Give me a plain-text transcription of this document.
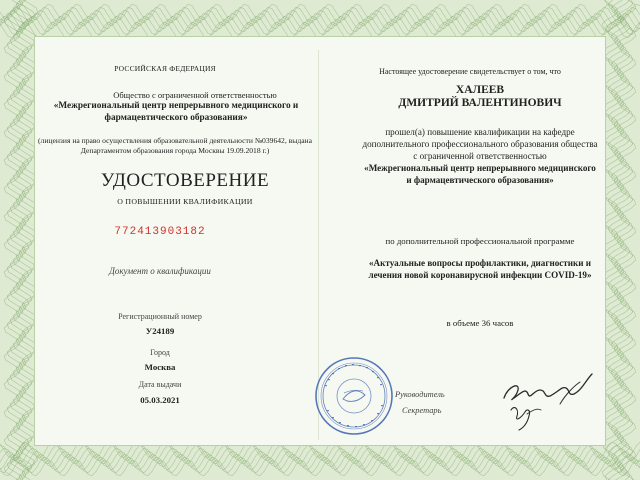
РОССИЙСКАЯ ФЕДЕРАЦИЯ
Общество с ограниченной ответственностью
«Межрегиональный центр непрерывного медицинского и
фармацевтического образования»
(лицензия на право осуществления образовательной деятельности №039642, выдана
Департаментом образования города Москвы 19.09.2018 г.)
УДОСТОВЕРЕНИЕ
О ПОВЫШЕНИИ КВАЛИФИКАЦИИ
772413903182
Документ о квалификации
Регистрационный номер
У24189
Город
Москва
Дата выдачи
05.03.2021
Настоящее удостоверение свидетельствует о том, что
ХАЛЕЕВ
ДМИТРИЙ ВАЛЕНТИНОВИЧ
прошел(а) повышение квалификации на кафедре
дополнительного профессионального образования общества
с ограниченной ответственностью
«Межрегиональный центр непрерывного медицинского
и фармацевтического образования»
по дополнительной профессиональной программе
«Актуальные вопросы профилактики, диагностики и
лечения новой коронавирусной инфекции COVID-19»
в объеме 36 часов
Руководитель
Секретарь
